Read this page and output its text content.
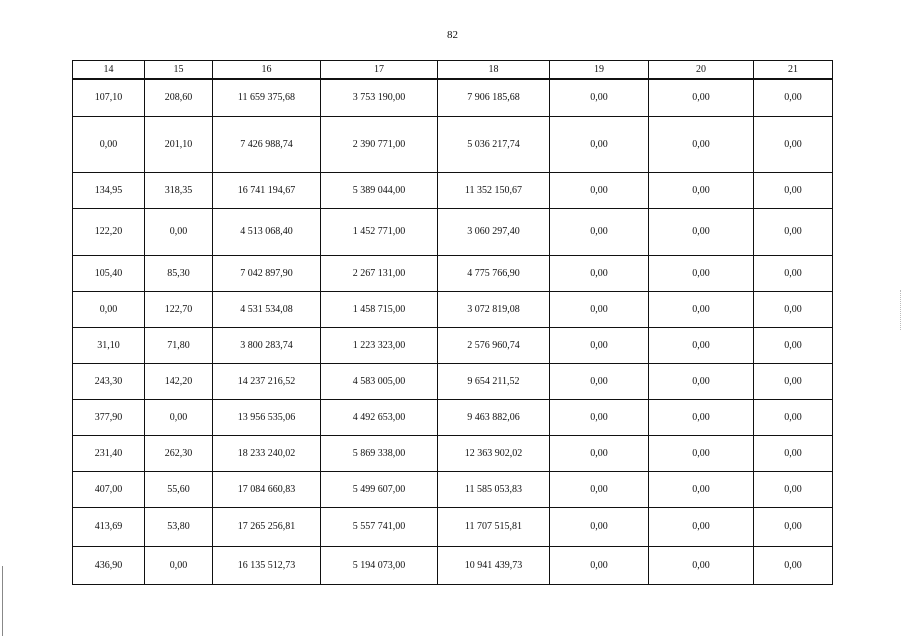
82
14	15	16	17	18	19	20	21
107,10	208,60	11 659 375,68	3 753 190,00	7 906 185,68	0,00	0,00	0,00
0,00	201,10	7 426 988,74	2 390 771,00	5 036 217,74	0,00	0,00	0,00
134,95	318,35	16 741 194,67	5 389 044,00	11 352 150,67	0,00	0,00	0,00
122,20	0,00	4 513 068,40	1 452 771,00	3 060 297,40	0,00	0,00	0,00
105,40	85,30	7 042 897,90	2 267 131,00	4 775 766,90	0,00	0,00	0,00
0,00	122,70	4 531 534,08	1 458 715,00	3 072 819,08	0,00	0,00	0,00
31,10	71,80	3 800 283,74	1 223 323,00	2 576 960,74	0,00	0,00	0,00
243,30	142,20	14 237 216,52	4 583 005,00	9 654 211,52	0,00	0,00	0,00
377,90	0,00	13 956 535,06	4 492 653,00	9 463 882,06	0,00	0,00	0,00
231,40	262,30	18 233 240,02	5 869 338,00	12 363 902,02	0,00	0,00	0,00
407,00	55,60	17 084 660,83	5 499 607,00	11 585 053,83	0,00	0,00	0,00
413,69	53,80	17 265 256,81	5 557 741,00	11 707 515,81	0,00	0,00	0,00
436,90	0,00	16 135 512,73	5 194 073,00	10 941 439,73	0,00	0,00	0,00
